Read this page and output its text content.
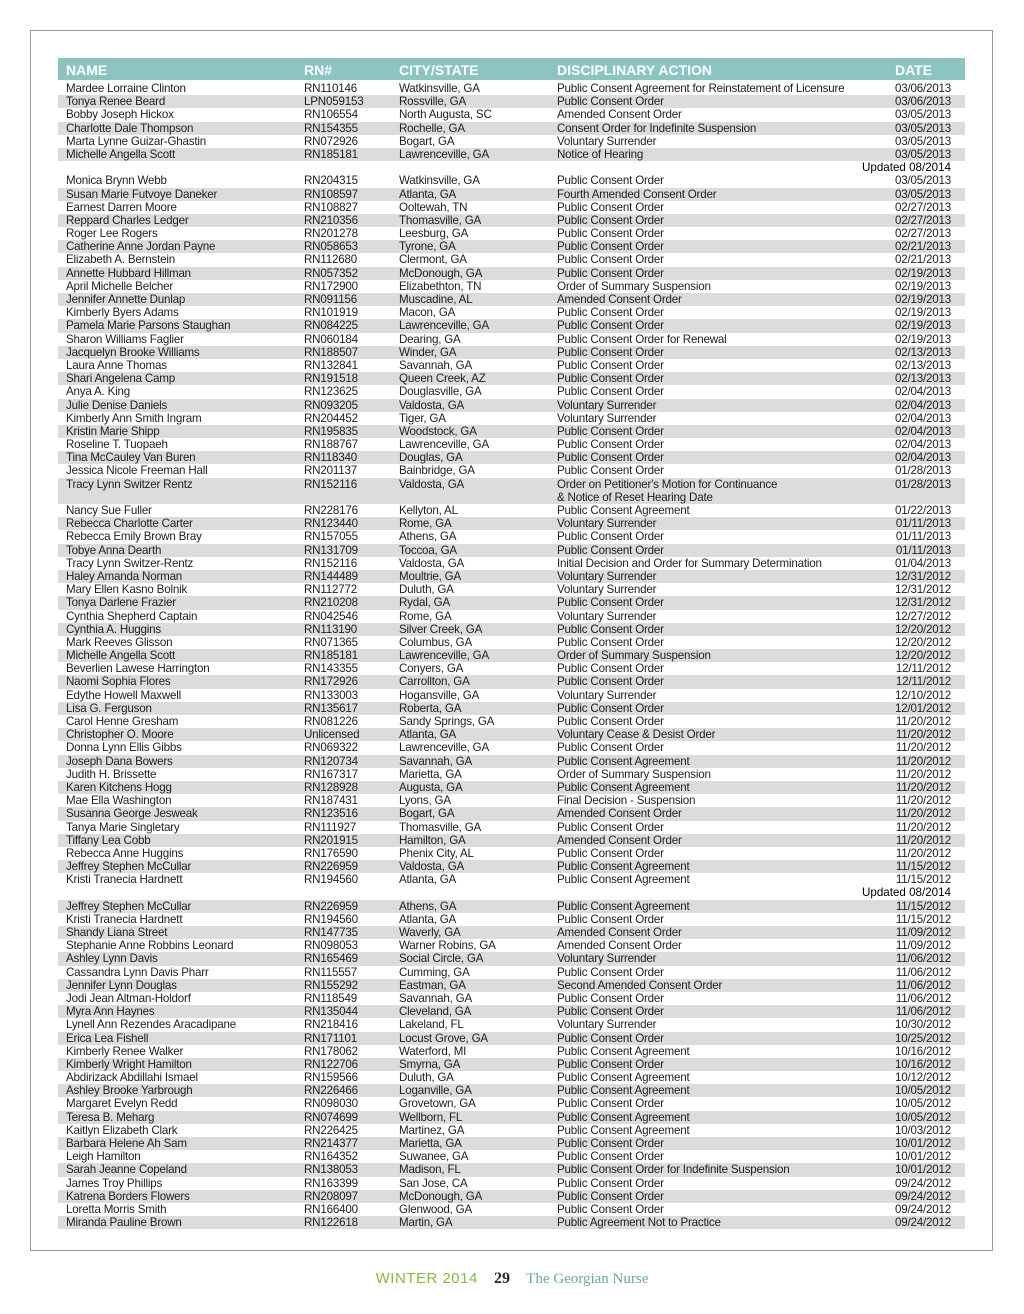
NAME	RN#	CITY/STATE	DISCIPLINARY ACTION	DATE
Mardee Lorraine Clinton	RN110146	Watkinsville, GA	Public Consent Agreement for Reinstatement of Licensure	03/06/2013
Tonya Renee Beard	LPN059153	Rossville, GA	Public Consent Order	03/06/2013
Bobby Joseph Hickox	RN106554	North Augusta, SC	Amended Consent Order	03/05/2013
Charlotte Dale Thompson	RN154355	Rochelle, GA	Consent Order for Indefinite Suspension	03/05/2013
Marta Lynne Guizar-Ghastin	RN072926	Bogart, GA	Voluntary Surrender	03/05/2013
Michelle Angella Scott	RN185181	Lawrenceville, GA	Notice of Hearing	03/05/2013
Updated 08/2014
Monica Brynn Webb	RN204315	Watkinsville, GA	Public Consent Order	03/05/2013
Susan Marie Futvoye Daneker	RN108597	Atlanta, GA	Fourth Amended Consent Order	03/05/2013
Earnest Darren Moore	RN108827	Ooltewah, TN	Public Consent Order	02/27/2013
Reppard Charles Ledger	RN210356	Thomasville, GA	Public Consent Order	02/27/2013
Roger Lee Rogers	RN201278	Leesburg, GA	Public Consent Order	02/27/2013
Catherine Anne Jordan Payne	RN058653	Tyrone, GA	Public Consent Order	02/21/2013
Elizabeth A. Bernstein	RN112680	Clermont, GA	Public Consent Order	02/21/2013
Annette Hubbard Hillman	RN057352	McDonough, GA	Public Consent Order	02/19/2013
April Michelle Belcher	RN172900	Elizabethton, TN	Order of Summary Suspension	02/19/2013
Jennifer Annette Dunlap	RN091156	Muscadine, AL	Amended Consent Order	02/19/2013
Kimberly Byers Adams	RN101919	Macon, GA	Public Consent Order	02/19/2013
Pamela Marie Parsons Staughan	RN084225	Lawrenceville, GA	Public Consent Order	02/19/2013
Sharon Williams Faglier	RN060184	Dearing, GA	Public Consent Order for Renewal	02/19/2013
Jacquelyn Brooke Williams	RN188507	Winder, GA	Public Consent Order	02/13/2013
Laura Anne Thomas	RN132841	Savannah, GA	Public Consent Order	02/13/2013
Shari Angelena Camp	RN191518	Queen Creek, AZ	Public Consent Order	02/13/2013
Anya A. King	RN123625	Douglasville, GA	Public Consent Order	02/04/2013
Julie Denise Daniels	RN093205	Valdosta, GA	Voluntary Surrender	02/04/2013
Kimberly Ann Smith Ingram	RN204452	Tiger, GA	Voluntary Surrender	02/04/2013
Kristin Marie Shipp	RN195835	Woodstock, GA	Public Consent Order	02/04/2013
Roseline T. Tuopaeh	RN188767	Lawrenceville, GA	Public Consent Order	02/04/2013
Tina McCauley Van Buren	RN118340	Douglas, GA	Public Consent Order	02/04/2013
Jessica Nicole Freeman Hall	RN201137	Bainbridge, GA	Public Consent Order	01/28/2013
Tracy Lynn Switzer Rentz	RN152116	Valdosta, GA	Order on Petitioner's Motion for Continuance	01/28/2013
& Notice of Reset Hearing Date
Nancy Sue Fuller	RN228176	Kellyton, AL	Public Consent Agreement	01/22/2013
Rebecca Charlotte Carter	RN123440	Rome, GA	Voluntary Surrender	01/11/2013
Rebecca Emily Brown Bray	RN157055	Athens, GA	Public Consent Order	01/11/2013
Tobye Anna Dearth	RN131709	Toccoa, GA	Public Consent Order	01/11/2013
Tracy Lynn Switzer-Rentz	RN152116	Valdosta, GA	Initial Decision and Order for Summary Determination	01/04/2013
Haley Amanda Norman	RN144489	Moultrie, GA	Voluntary Surrender	12/31/2012
Mary Ellen Kasno Bolnik	RN112772	Duluth, GA	Voluntary Surrender	12/31/2012
Tonya Darlene Frazier	RN210208	Rydal, GA	Public Consent Order	12/31/2012
Cynthia Shepherd Captain	RN042546	Rome, GA	Voluntary Surrender	12/27/2012
Cynthia A. Huggins	RN113190	Silver Creek, GA	Public Consent Order	12/20/2012
Mark Reeves Glisson	RN071365	Columbus, GA	Public Consent Order	12/20/2012
Michelle Angella Scott	RN185181	Lawrenceville, GA	Order of Summary Suspension	12/20/2012
Beverlien Lawese Harrington	RN143355	Conyers, GA	Public Consent Order	12/11/2012
Naomi Sophia Flores	RN172926	Carrollton, GA	Public Consent Order	12/11/2012
Edythe Howell Maxwell	RN133003	Hogansville, GA	Voluntary Surrender	12/10/2012
Lisa G. Ferguson	RN135617	Roberta, GA	Public Consent Order	12/01/2012
Carol Henne Gresham	RN081226	Sandy Springs, GA	Public Consent Order	11/20/2012
Christopher O. Moore	Unlicensed	Atlanta, GA	Voluntary Cease & Desist Order	11/20/2012
Donna Lynn Ellis Gibbs	RN069322	Lawrenceville, GA	Public Consent Order	11/20/2012
Joseph Dana Bowers	RN120734	Savannah, GA	Public Consent Agreement	11/20/2012
Judith H. Brissette	RN167317	Marietta, GA	Order of Summary Suspension	11/20/2012
Karen Kitchens Hogg	RN128928	Augusta, GA	Public Consent Agreement	11/20/2012
Mae Ella Washington	RN187431	Lyons, GA	Final Decision - Suspension	11/20/2012
Susanna George Jesweak	RN123516	Bogart, GA	Amended Consent Order	11/20/2012
Tanya Marie Singletary	RN111927	Thomasville, GA	Public Consent Order	11/20/2012
Tiffany Lea Cobb	RN201915	Hamilton, GA	Amended Consent Order	11/20/2012
Rebecca Anne Huggins	RN176590	Phenix City, AL	Public Consent Order	11/20/2012
Jeffrey Stephen McCullar	RN226959	Valdosta, GA	Public Consent Agreement	11/15/2012
Kristi Tranecia Hardnett	RN194560	Atlanta, GA	Public Consent Agreement	11/15/2012
Updated 08/2014
Jeffrey Stephen McCullar	RN226959	Athens, GA	Public Consent Agreement	11/15/2012
Kristi Tranecia Hardnett	RN194560	Atlanta, GA	Public Consent Order	11/15/2012
Shandy Liana Street	RN147735	Waverly, GA	Amended Consent Order	11/09/2012
Stephanie Anne Robbins Leonard	RN098053	Warner Robins, GA	Amended Consent Order	11/09/2012
Ashley Lynn Davis	RN165469	Social Circle, GA	Voluntary Surrender	11/06/2012
Cassandra Lynn Davis Pharr	RN115557	Cumming, GA	Public Consent Order	11/06/2012
Jennifer Lynn Douglas	RN155292	Eastman, GA	Second Amended Consent Order	11/06/2012
Jodi Jean Altman-Holdorf	RN118549	Savannah, GA	Public Consent Order	11/06/2012
Myra Ann Haynes	RN135044	Cleveland, GA	Public Consent Order	11/06/2012
Lynell Ann Rezendes Aracadipane	RN218416	Lakeland, FL	Voluntary Surrender	10/30/2012
Erica Lea Fishell	RN171101	Locust Grove, GA	Public Consent Order	10/25/2012
Kimberly Renee Walker	RN178062	Waterford, MI	Public Consent Agreement	10/16/2012
Kimberly Wright Hamilton	RN122706	Smyrna, GA	Public Consent Order	10/16/2012
Abdirizack Abdillahi Ismael	RN159566	Duluth, GA	Public Consent Agreement	10/12/2012
Ashley Brooke Yarbrough	RN226466	Loganville, GA	Public Consent Agreement	10/05/2012
Margaret Evelyn Redd	RN098030	Grovetown, GA	Public Consent Order	10/05/2012
Teresa B. Meharg	RN074699	Wellborn, FL	Public Consent Agreement	10/05/2012
Kaitlyn Elizabeth Clark	RN226425	Martinez, GA	Public Consent Agreement	10/03/2012
Barbara Helene Ah Sam	RN214377	Marietta, GA	Public Consent Order	10/01/2012
Leigh Hamilton	RN164352	Suwanee, GA	Public Consent Order	10/01/2012
Sarah Jeanne Copeland	RN138053	Madison, FL	Public Consent Order for Indefinite Suspension	10/01/2012
James Troy Phillips	RN163399	San Jose, CA	Public Consent Order	09/24/2012
Katrena Borders Flowers	RN208097	McDonough, GA	Public Consent Order	09/24/2012
Loretta Morris Smith	RN166400	Glenwood, GA	Public Consent Order	09/24/2012
Miranda Pauline Brown	RN122618	Martin, GA	Public Agreement Not to Practice	09/24/2012
WINTER 2014 29 The Georgian Nurse
